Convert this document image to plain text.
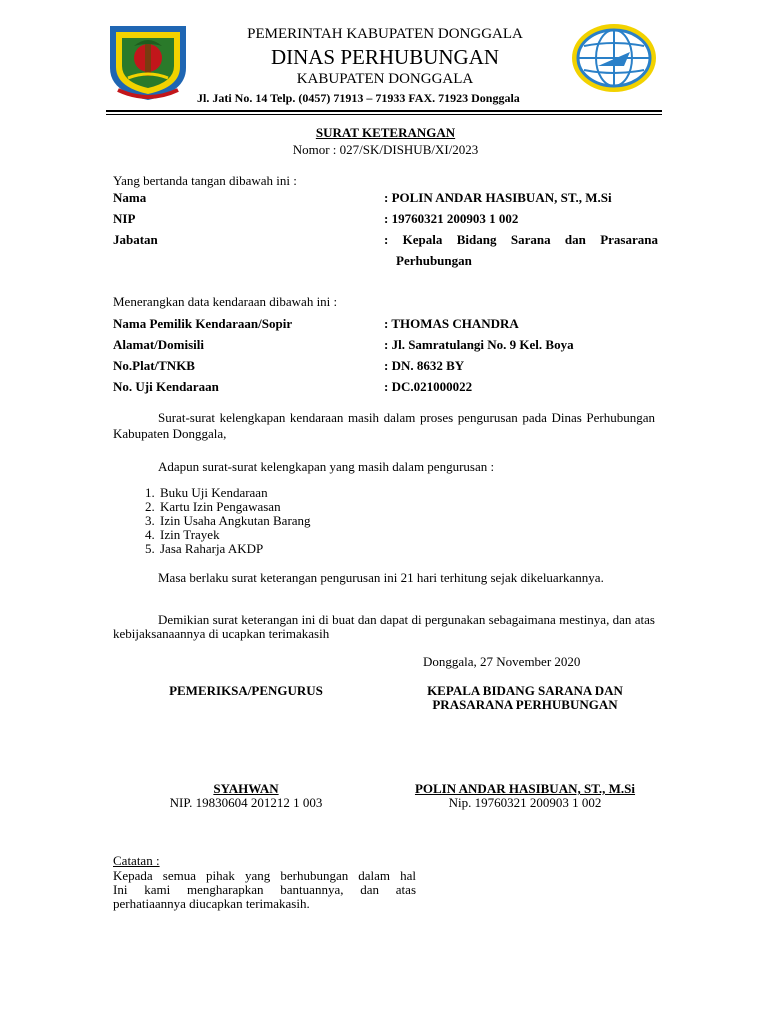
PEMERINTAH KABUPATEN DONGGALA
DINAS PERHUBUNGAN
KABUPATEN DONGGALA
Jl. Jati No. 14 Telp. (0457) 71913 – 71933 FAX. 71923 Donggala
SURAT KETERANGAN
Nomor : 027/SK/DISHUB/XI/2023
Yang bertanda tangan dibawah ini :
Nama	: POLIN ANDAR HASIBUAN, ST., M.Si
NIP	: 19760321 200903 1 002
Jabatan	: Kepala Bidang Sarana dan Prasarana
Perhubungan
Menerangkan data kendaraan dibawah ini :
Nama Pemilik Kendaraan/Sopir	: THOMAS CHANDRA
Alamat/Domisili	: Jl. Samratulangi No. 9 Kel. Boya
No.Plat/TNKB	: DN. 8632 BY
No. Uji Kendaraan	: DC.021000022
Surat-surat kelengkapan kendaraan masih dalam proses pengurusan pada Dinas Perhubungan Kabupaten Donggala,
Adapun surat-surat kelengkapan yang masih dalam pengurusan :
1. Buku Uji Kendaraan
2. Kartu Izin Pengawasan
3. Izin Usaha Angkutan Barang
4. Izin Trayek
5. Jasa Raharja AKDP
Masa berlaku surat keterangan pengurusan ini 21 hari terhitung sejak dikeluarkannya.
Demikian surat keterangan ini di buat dan dapat di pergunakan sebagaimana mestinya, dan atas kebijaksanaannya di ucapkan terimakasih
Donggala, 27 November 2020
PEMERIKSA/PENGURUS	KEPALA BIDANG SARANA DAN
PRASARANA PERHUBUNGAN
SYAHWAN
NIP. 19830604 201212 1 003
POLIN ANDAR HASIBUAN, ST., M.Si
Nip. 19760321 200903 1 002
Catatan :
Kepada semua pihak yang berhubungan dalam hal
Ini kami mengharapkan bantuannya, dan atas
perhatiaannya diucapkan terimakasih.
